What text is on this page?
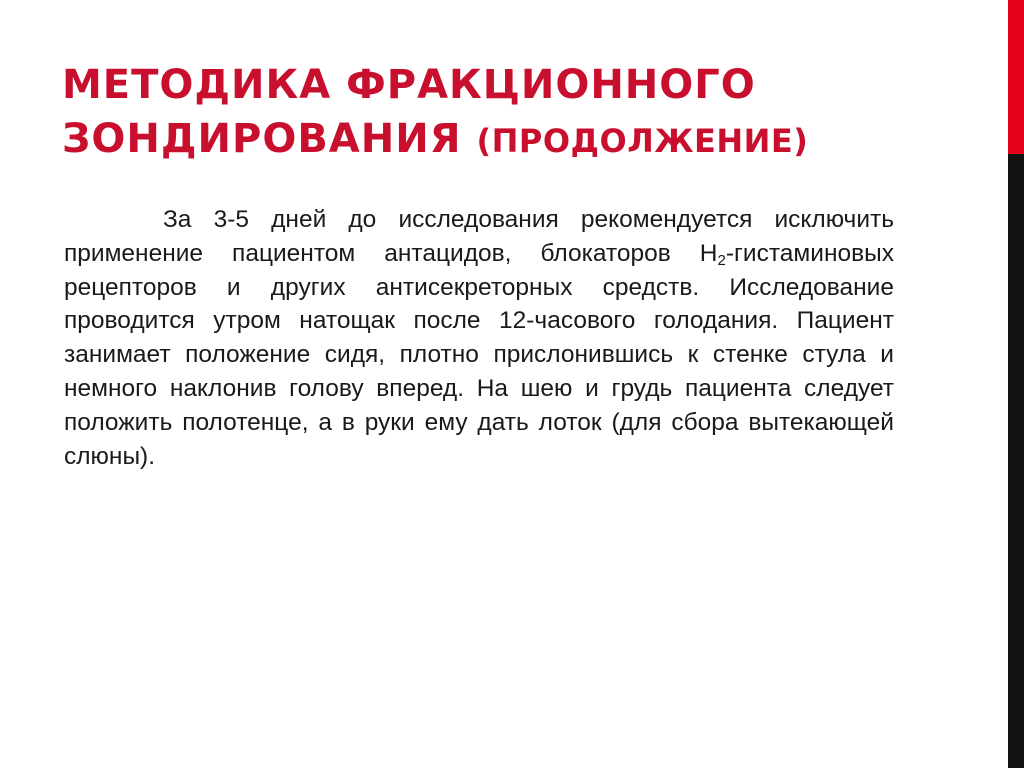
МЕТОДИКА ФРАКЦИОННОГО
ЗОНДИРОВАНИЯ (ПРОДОЛЖЕНИЕ)

За 3-5 дней до исследования рекомендуется исключить применение пациентом антацидов, блокаторов $Н_2$-гистаминовых рецепторов и других антисекреторных средств. Исследование проводится утром натощак после 12-часового голодания. Пациент занимает положение сидя, плотно прислонившись к стенке стула и немного наклонив голову вперед. На шею и грудь пациента следует положить полотенце, а в руки ему дать лоток (для сбора вытекающей слюны).
